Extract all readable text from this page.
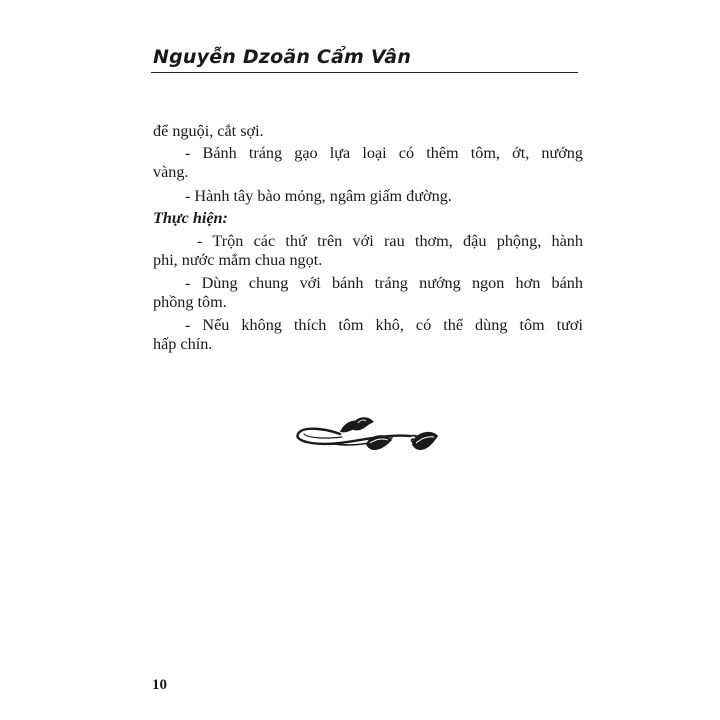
Nguyễn Dzoãn Cẩm Vân
để nguội, cắt sợi.
- Bánh tráng gạo lựa loại có thêm tôm, ớt, nướng
vàng.
- Hành tây bào mỏng, ngâm giấm đường.
Thực hiện:
- Trộn các thứ trên với rau thơm, đậu phộng, hành
phi, nước mắm chua ngọt.
- Dùng chung với bánh tráng nướng ngon hơn bánh
phồng tôm.
- Nếu không thích tôm khô, có thể dùng tôm tươi
hấp chín.
10
